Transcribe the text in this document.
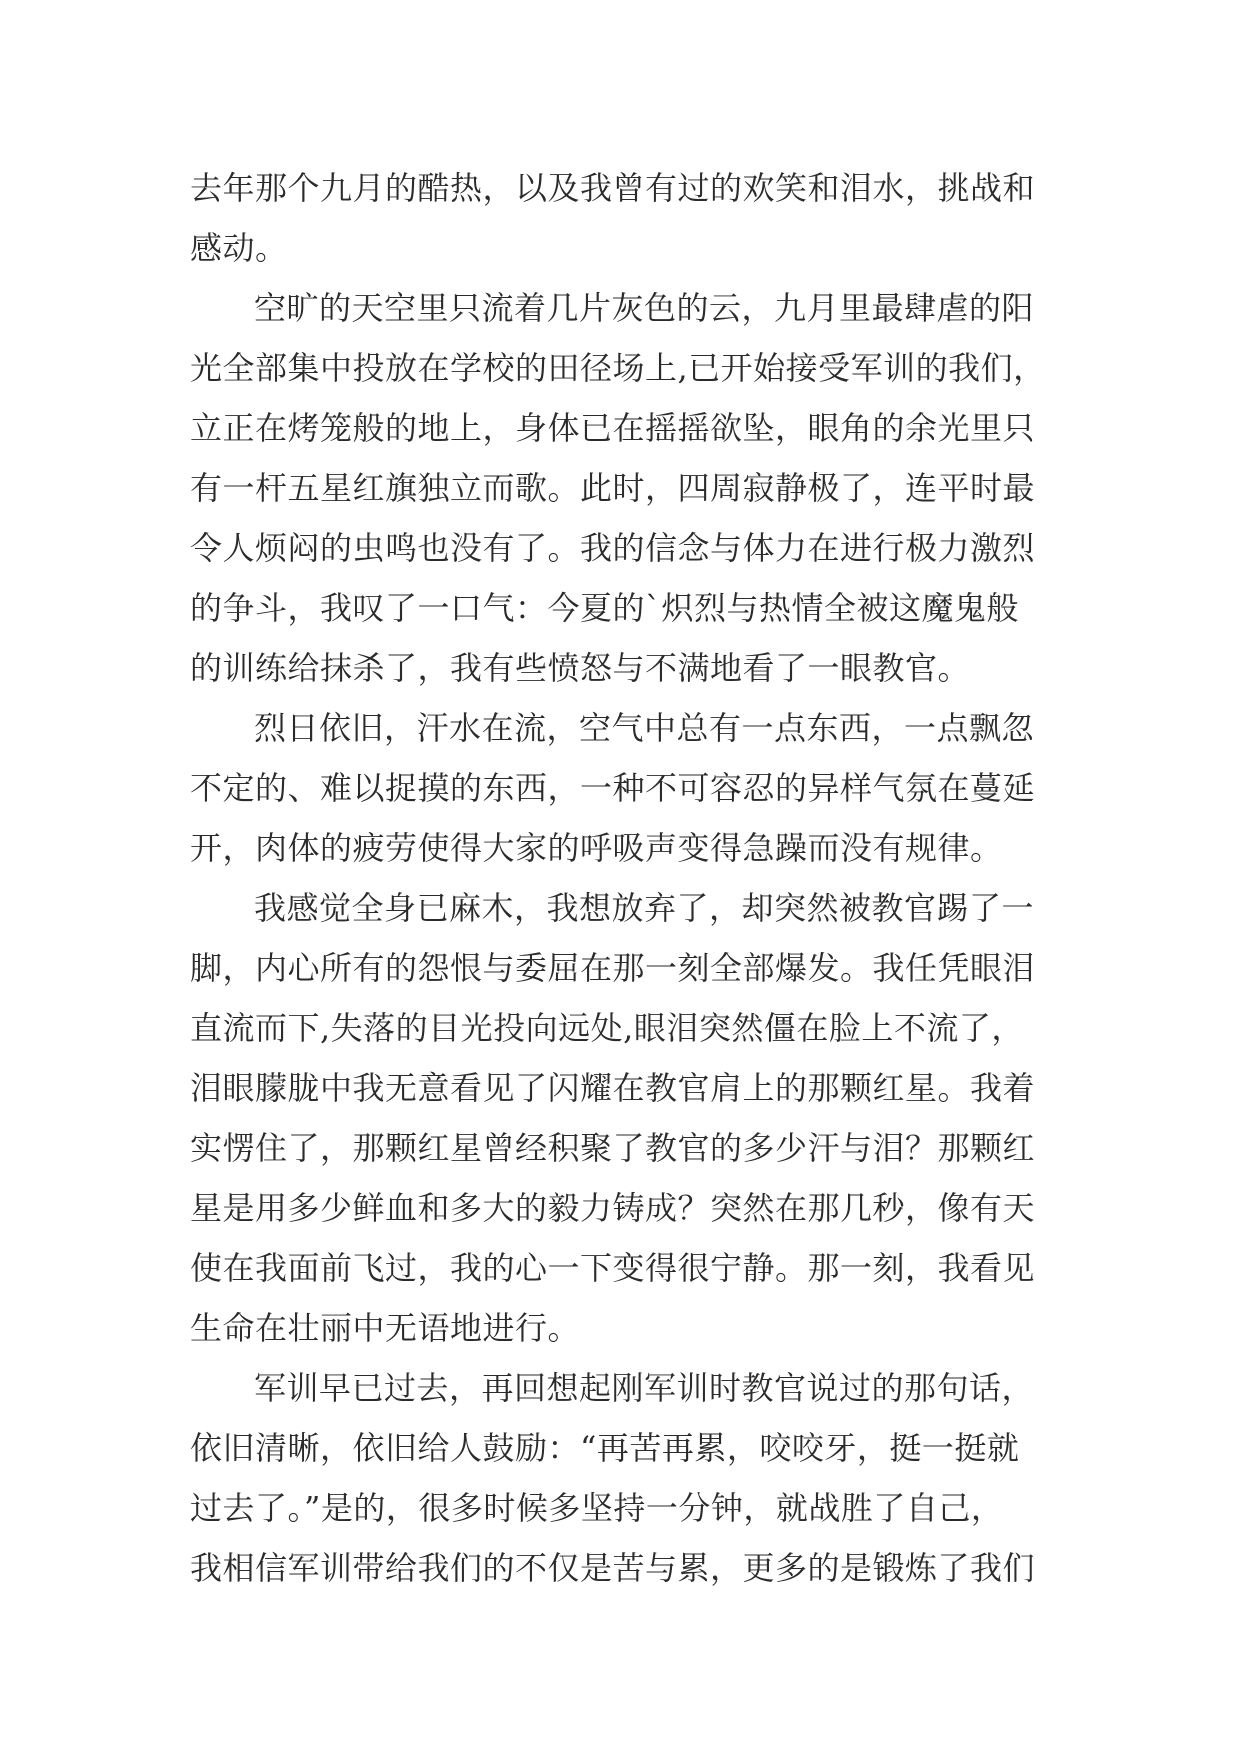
去年那个九月的酷热，以及我曾有过的欢笑和泪水，挑战和
感动。
空旷的天空里只流着几片灰色的云，九月里最肆虐的阳
光全部集中投放在学校的田径场上,已开始接受军训的我们，
立正在烤笼般的地上，身体已在摇摇欲坠，眼角的余光里只
有一杆五星红旗独立而歌。此时，四周寂静极了，连平时最
令人烦闷的虫鸣也没有了。我的信念与体力在进行极力激烈
的争斗，我叹了一口气：今夏的`炽烈与热情全被这魔鬼般
的训练给抹杀了，我有些愤怒与不满地看了一眼教官。
烈日依旧，汗水在流，空气中总有一点东西，一点飘忽
不定的、难以捉摸的东西，一种不可容忍的异样气氛在蔓延
开，肉体的疲劳使得大家的呼吸声变得急躁而没有规律。
我感觉全身已麻木，我想放弃了，却突然被教官踢了一
脚，内心所有的怨恨与委屈在那一刻全部爆发。我任凭眼泪
直流而下,失落的目光投向远处,眼泪突然僵在脸上不流了，
泪眼朦胧中我无意看见了闪耀在教官肩上的那颗红星。我着
实愣住了，那颗红星曾经积聚了教官的多少汗与泪？那颗红
星是用多少鲜血和多大的毅力铸成？突然在那几秒，像有天
使在我面前飞过，我的心一下变得很宁静。那一刻，我看见
生命在壮丽中无语地进行。
军训早已过去，再回想起刚军训时教官说过的那句话，
依旧清晰，依旧给人鼓励：“再苦再累，咬咬牙，挺一挺就
过去了。”是的，很多时候多坚持一分钟，就战胜了自己，
我相信军训带给我们的不仅是苦与累，更多的是锻炼了我们
